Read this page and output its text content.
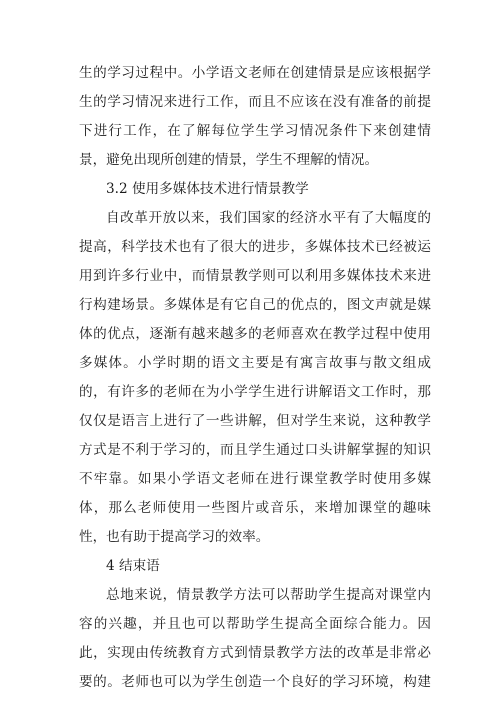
生的学习过程中。小学语文老师在创建情景是应该根据学
生的学习情况来进行工作，而且不应该在没有准备的前提
下进行工作，在了解每位学生学习情况条件下来创建情
景，避免出现所创建的情景，学生不理解的情况。
3.2 使用多媒体技术进行情景教学
自改革开放以来，我们国家的经济水平有了大幅度的
提高，科学技术也有了很大的进步，多媒体技术已经被运
用到许多行业中，而情景教学则可以利用多媒体技术来进
行构建场景。多媒体是有它自己的优点的，图文声就是媒
体的优点，逐渐有越来越多的老师喜欢在教学过程中使用
多媒体。小学时期的语文主要是有寓言故事与散文组成
的，有许多的老师在为小学学生进行讲解语文工作时，那
仅仅是语言上进行了一些讲解，但对学生来说，这种教学
方式是不利于学习的，而且学生通过口头讲解掌握的知识
不牢靠。如果小学语文老师在进行课堂教学时使用多媒
体，那么老师使用一些图片或音乐，来增加课堂的趣味
性，也有助于提高学习的效率。
4 结束语
总地来说，情景教学方法可以帮助学生提高对课堂内
容的兴趣，并且也可以帮助学生提高全面综合能力。因
此，实现由传统教育方式到情景教学方法的改革是非常必
要的。老师也可以为学生创造一个良好的学习环境，构建
